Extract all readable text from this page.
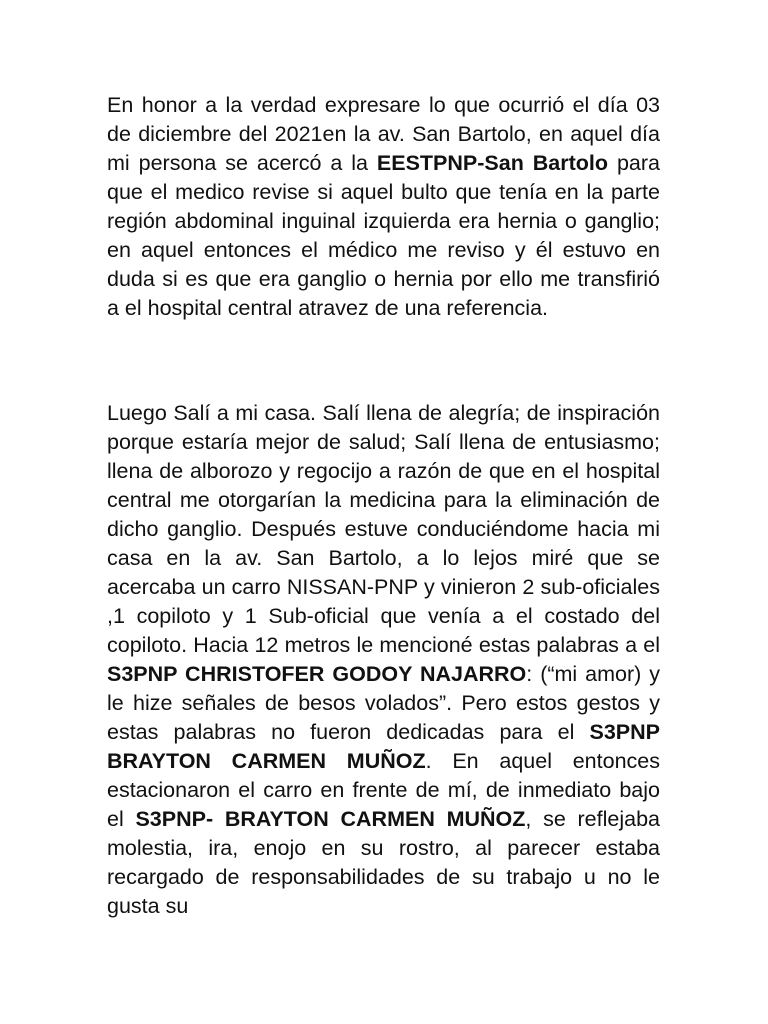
En honor a la verdad expresare lo que ocurrió el día 03 de diciembre del 2021en la av. San Bartolo, en aquel día mi persona se acercó a la EESTPNP-San Bartolo para que el medico revise si aquel bulto que tenía en la parte región abdominal inguinal izquierda era hernia o ganglio; en aquel entonces el médico me reviso y él estuvo en duda si es que era ganglio o hernia por ello me transfirió a el hospital central atravez de una referencia.

Luego Salí a mi casa. Salí llena de alegría; de inspiración porque estaría mejor de salud; Salí llena de entusiasmo; llena de alborozo y regocijo a razón de que en el hospital central me otorgarían la medicina para la eliminación de dicho ganglio. Después estuve conduciéndome hacia mi casa en la av. San Bartolo, a lo lejos miré que se acercaba un carro NISSAN-PNP y vinieron 2 sub-oficiales ,1 copiloto y 1 Sub-oficial que venía a el costado del copiloto. Hacia 12 metros le mencioné estas palabras a el S3PNP CHRISTOFER GODOY NAJARRO: (“mi amor) y le hize señales de besos volados”. Pero estos gestos y estas palabras no fueron dedicadas para el S3PNP BRAYTON CARMEN MUÑOZ. En aquel entonces estacionaron el carro en frente de mí, de inmediato bajo el S3PNP- BRAYTON CARMEN MUÑOZ, se reflejaba molestia, ira, enojo en su rostro, al parecer estaba recargado de responsabilidades de su trabajo u no le gusta su
